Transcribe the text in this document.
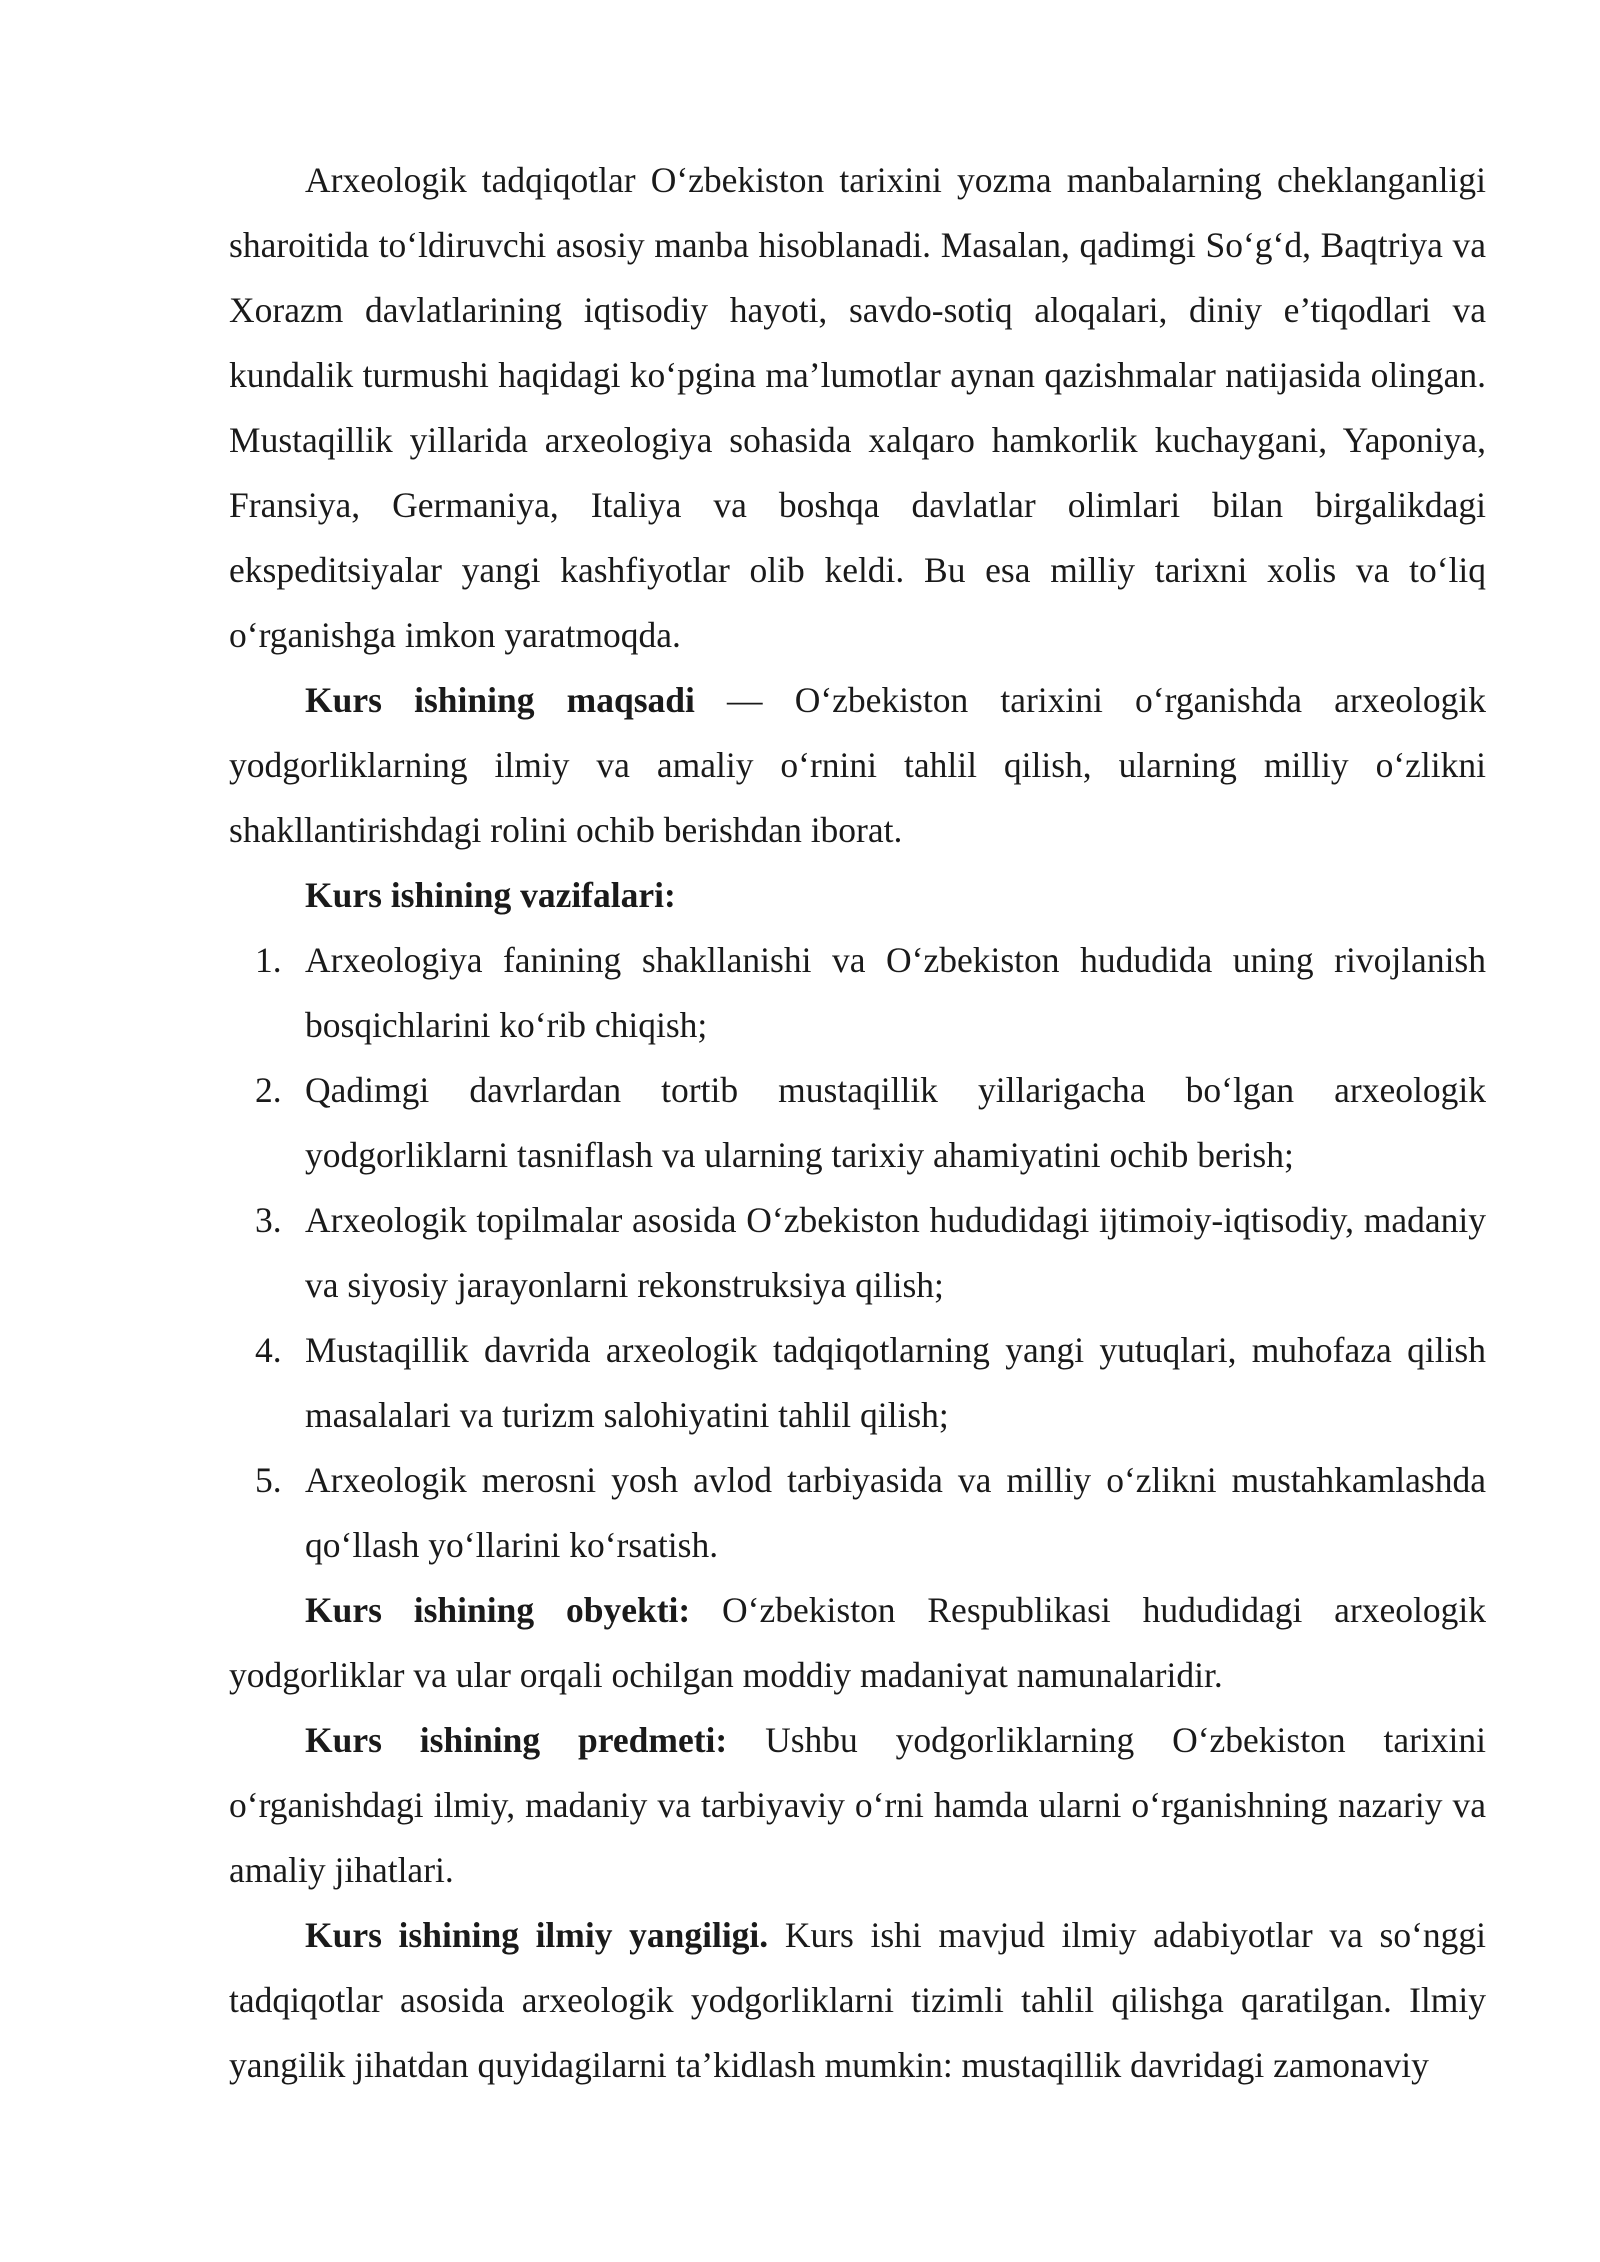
Arxeologik tadqiqotlar O‘zbekiston tarixini yozma manbalarning cheklanganligi sharoitida to‘ldiruvchi asosiy manba hisoblanadi. Masalan, qadimgi So‘g‘d, Baqtriya va Xorazm davlatlarining iqtisodiy hayoti, savdo-sotiq aloqalari, diniy e’tiqodlari va kundalik turmushi haqidagi ko‘pgina ma’lumotlar aynan qazishmalar natijasida olingan. Mustaqillik yillarida arxeologiya sohasida xalqaro hamkorlik kuchaygani, Yaponiya, Fransiya, Germaniya, Italiya va boshqa davlatlar olimlari bilan birgalikdagi ekspeditsiyalar yangi kashfiyotlar olib keldi. Bu esa milliy tarixni xolis va to‘liq o‘rganishga imkon yaratmoqda.

Kurs ishining maqsadi — O‘zbekiston tarixini o‘rganishda arxeologik yodgorliklarning ilmiy va amaliy o‘rnini tahlil qilish, ularning milliy o‘zlikni shakllantirishdagi rolini ochib berishdan iborat.

Kurs ishining vazifalari:

1. Arxeologiya fanining shakllanishi va O‘zbekiston hududida uning rivojlanish bosqichlarini ko‘rib chiqish;
2. Qadimgi davrlardan tortib mustaqillik yillarigacha bo‘lgan arxeologik yodgorliklarni tasniflash va ularning tarixiy ahamiyatini ochib berish;
3. Arxeologik topilmalar asosida O‘zbekiston hududidagi ijtimoiy-iqtisodiy, madaniy va siyosiy jarayonlarni rekonstruksiya qilish;
4. Mustaqillik davrida arxeologik tadqiqotlarning yangi yutuqlari, muhofaza qilish masalalari va turizm salohiyatini tahlil qilish;
5. Arxeologik merosni yosh avlod tarbiyasida va milliy o‘zlikni mustahkamlashda qo‘llash yo‘llarini ko‘rsatish.

Kurs ishining obyekti: O‘zbekiston Respublikasi hududidagi arxeologik yodgorliklar va ular orqali ochilgan moddiy madaniyat namunalaridir.

Kurs ishining predmeti: Ushbu yodgorliklarning O‘zbekiston tarixini o‘rganishdagi ilmiy, madaniy va tarbiyaviy o‘rni hamda ularni o‘rganishning nazariy va amaliy jihatlari.

Kurs ishining ilmiy yangiligi. Kurs ishi mavjud ilmiy adabiyotlar va so‘nggi tadqiqotlar asosida arxeologik yodgorliklarni tizimli tahlil qilishga qaratilgan. Ilmiy yangilik jihatdan quyidagilarni ta’kidlash mumkin: mustaqillik davridagi zamonaviy
